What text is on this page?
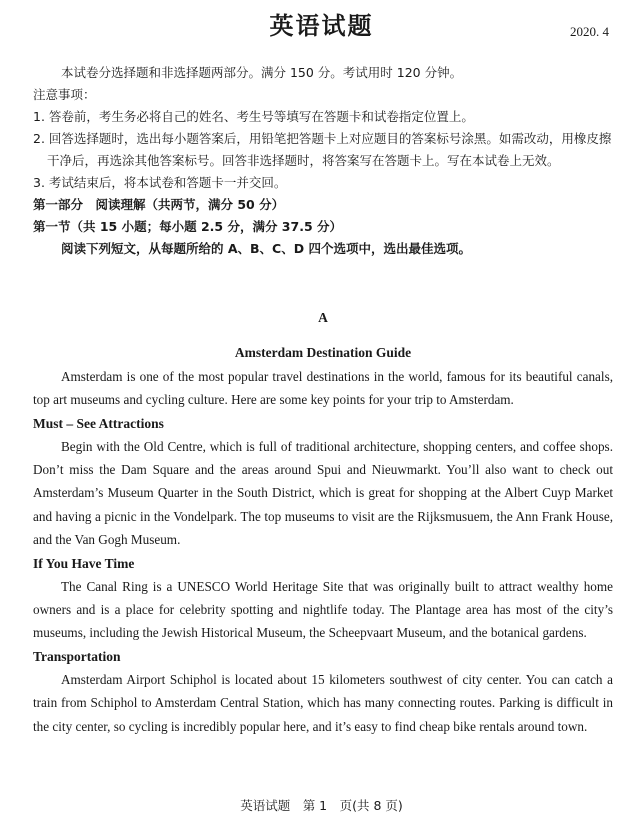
英语试题	2020. 4

本试卷分选择题和非选择题两部分。满分 150 分。考试用时 120 分钟。

注意事项：

1. 答卷前，考生务必将自己的姓名、考生号等填写在答题卡和试卷指定位置上。

2. 回答选择题时，选出每小题答案后，用铅笔把答题卡上对应题目的答案标号涂黑。如需改动，用橡皮擦干净后，再选涂其他答案标号。回答非选择题时，将答案写在答题卡上。写在本试卷上无效。

3. 考试结束后，将本试卷和答题卡一并交回。

第一部分　阅读理解（共两节，满分 50 分）

第一节（共 15 小题；每小题 2.5 分，满分 37.5 分）

阅读下列短文，从每题所给的 A、B、C、D 四个选项中，选出最佳选项。

A

Amsterdam Destination Guide

Amsterdam is one of the most popular travel destinations in the world, famous for its beautiful canals, top art museums and cycling culture. Here are some key points for your trip to Amsterdam.

Must – See Attractions

Begin with the Old Centre, which is full of traditional architecture, shopping centers, and coffee shops. Don’t miss the Dam Square and the areas around Spui and Nieuwmarkt. You’ll also want to check out Amsterdam’s Museum Quarter in the South District, which is great for shopping at the Albert Cuyp Market and having a picnic in the Vondelpark. The top museums to visit are the Rijksmusuem, the Ann Frank House, and the Van Gogh Museum.

If You Have Time

The Canal Ring is a UNESCO World Heritage Site that was originally built to attract wealthy home owners and is a place for celebrity spotting and nightlife today. The Plantage area has most of the city’s museums, including the Jewish Historical Museum, the Scheepvaart Museum, and the botanical gardens.

Transportation

Amsterdam Airport Schiphol is located about 15 kilometers southwest of city center. You can catch a train from Schiphol to Amsterdam Central Station, which has many connecting routes. Parking is difficult in the city center, so cycling is incredibly popular here, and it’s easy to find cheap bike rentals around town.

英语试题　第 1　页(共 8 页)
